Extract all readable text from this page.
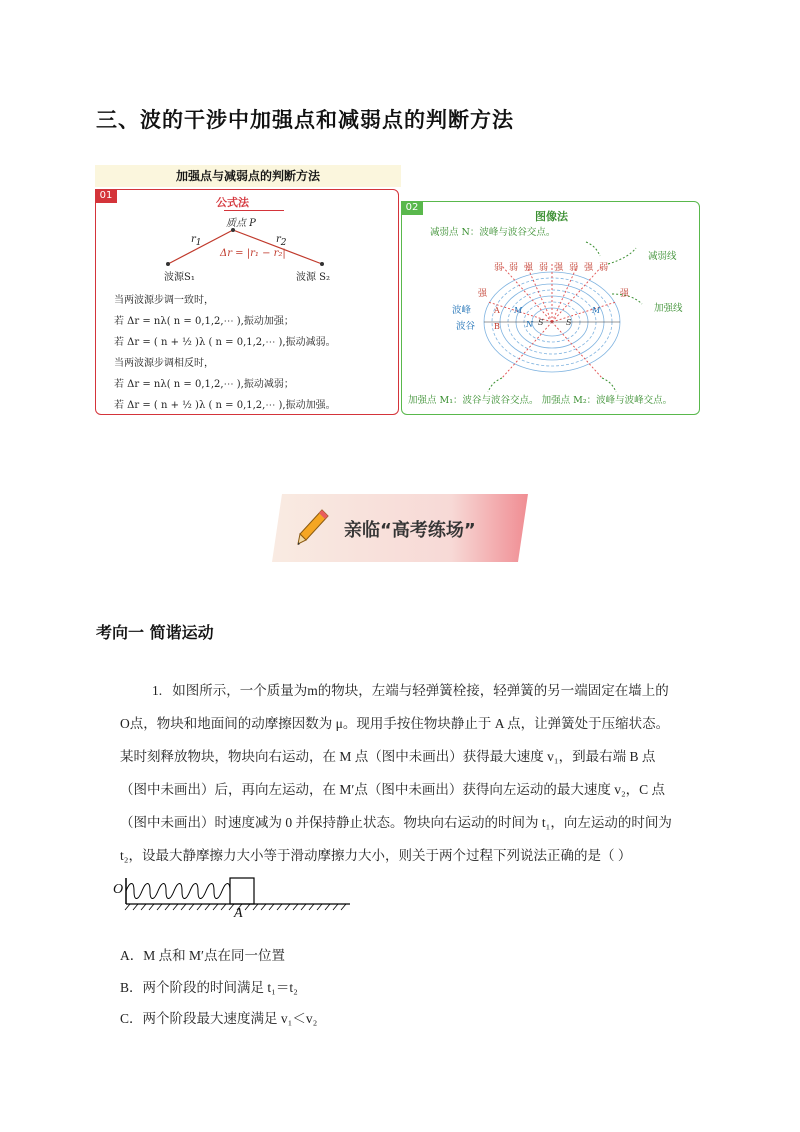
三、波的干涉中加强点和减弱点的判断方法
加强点与减弱点的判断方法
01
公式法
质点 P
$r_1$	$r_2$
Δr = |r₁ − r₂|
波源S₁	波源 S₂
当两波源步调一致时，
若 Δr = nλ( n = 0,1,2,⋯ ),振动加强；
若 Δr = ( n + ½ )λ ( n = 0,1,2,⋯ ),振动减弱。
当两波源步调相反时，
若 Δr = nλ( n = 0,1,2,⋯ ),振动减弱；
若 Δr = ( n + ½ )λ ( n = 0,1,2,⋯ ),振动加强。
02
图像法
减弱点 N：波峰与波谷交点。
减弱线
加强线
波峰
波谷
弱弱强弱强弱强弱
强	强
A
B
M
N S	S
M
加强点 M₁：波谷与波谷交点。 加强点 M₂：波峰与波峰交点。
亲临“高考练场”
考向一 简谐运动
1. 如图所示，一个质量为m的物块，左端与轻弹簧栓接，轻弹簧的另一端固定在墙上的
O点，物块和地面间的动摩擦因数为 μ。现用手按住物块静止于 A 点，让弹簧处于压缩状态。
某时刻释放物块，物块向右运动，在 M 点（图中未画出）获得最大速度 v₁，到最右端 B 点
（图中未画出）后，再向左运动，在 M′点（图中未画出）获得向左运动的最大速度 v₂，C 点
（图中未画出）时速度减为 0 并保持静止状态。物块向右运动的时间为 t₁，向左运动的时间为
t₂，设最大静摩擦力大小等于滑动摩擦力大小，则关于两个过程下列说法正确的是（ ）
O
A
A．M 点和 M′点在同一位置
B．两个阶段的时间满足 t₁＝t₂
C．两个阶段最大速度满足 v₁＜v₂
